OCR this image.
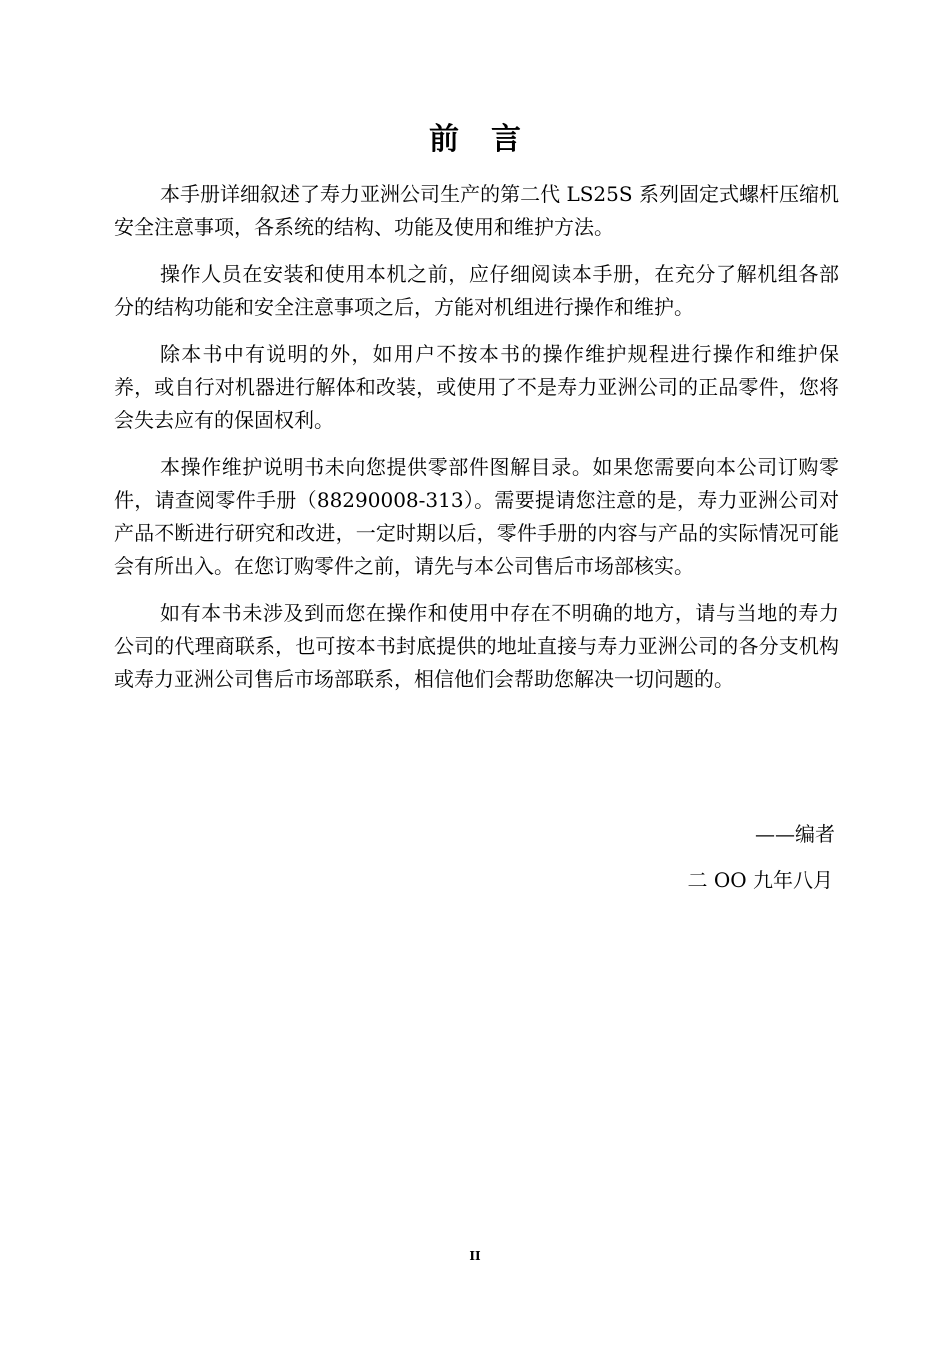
前言

本手册详细叙述了寿力亚洲公司生产的第二代 LS25S 系列固定式螺杆压缩机安全注意事项，各系统的结构、功能及使用和维护方法。

操作人员在安装和使用本机之前，应仔细阅读本手册，在充分了解机组各部分的结构功能和安全注意事项之后，方能对机组进行操作和维护。

除本书中有说明的外，如用户不按本书的操作维护规程进行操作和维护保养，或自行对机器进行解体和改装，或使用了不是寿力亚洲公司的正品零件，您将会失去应有的保固权利。

本操作维护说明书未向您提供零部件图解目录。如果您需要向本公司订购零件，请查阅零件手册（88290008-313）。需要提请您注意的是，寿力亚洲公司对产品不断进行研究和改进，一定时期以后，零件手册的内容与产品的实际情况可能会有所出入。在您订购零件之前，请先与本公司售后市场部核实。

如有本书未涉及到而您在操作和使用中存在不明确的地方，请与当地的寿力公司的代理商联系，也可按本书封底提供的地址直接与寿力亚洲公司的各分支机构或寿力亚洲公司售后市场部联系，相信他们会帮助您解决一切问题的。

——编者
二 OO 九年八月
II
